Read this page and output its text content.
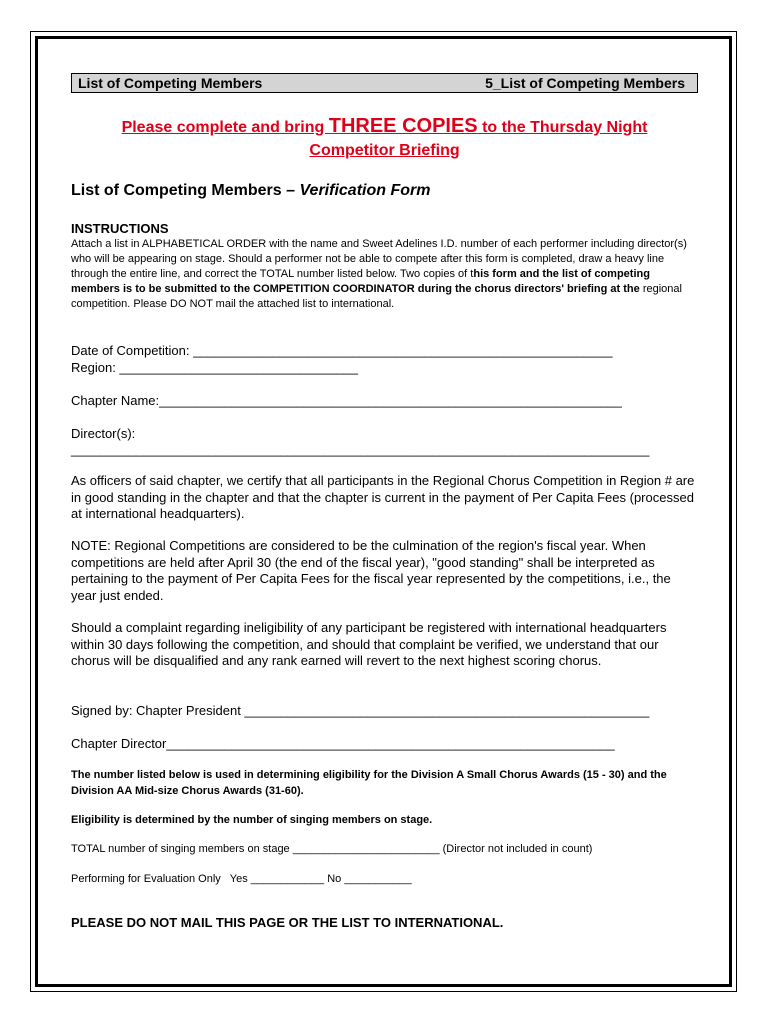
List of Competing Members	5_List of Competing Members
Please complete and bring THREE COPIES to the Thursday Night
Competitor Briefing
List of Competing Members – Verification Form
INSTRUCTIONS
Attach a list in ALPHABETICAL ORDER with the name and Sweet Adelines I.D. number of each performer including director(s) who will be appearing on stage. Should a performer not be able to compete after this form is completed, draw a heavy line through the entire line, and correct the TOTAL number listed below. Two copies of this form and the list of competing members is to be submitted to the COMPETITION COORDINATOR during the chorus directors' briefing at the regional competition. Please DO NOT mail the attached list to international.
Date of Competition: __________________________________________________________
Region: _________________________________
Chapter Name:________________________________________________________________
Director(s):
________________________________________________________________________________
As officers of said chapter, we certify that all participants in the Regional Chorus Competition in Region # are in good standing in the chapter and that the chapter is current in the payment of Per Capita Fees (processed at international headquarters).
NOTE: Regional Competitions are considered to be the culmination of the region's fiscal year. When competitions are held after April 30 (the end of the fiscal year), "good standing" shall be interpreted as pertaining to the payment of Per Capita Fees for the fiscal year represented by the competitions, i.e., the year just ended.
Should a complaint regarding ineligibility of any participant be registered with international headquarters within 30 days following the competition, and should that complaint be verified, we understand that our chorus will be disqualified and any rank earned will revert to the next highest scoring chorus.
Signed by: Chapter President ________________________________________________________
Chapter Director______________________________________________________________
The number listed below is used in determining eligibility for the Division A Small Chorus Awards (15 - 30) and the Division AA Mid-size Chorus Awards (31-60).
Eligibility is determined by the number of singing members on stage.
TOTAL number of singing members on stage ________________________ (Director not included in count)
Performing for Evaluation Only   Yes ____________ No ___________
PLEASE DO NOT MAIL THIS PAGE OR THE LIST TO INTERNATIONAL.
